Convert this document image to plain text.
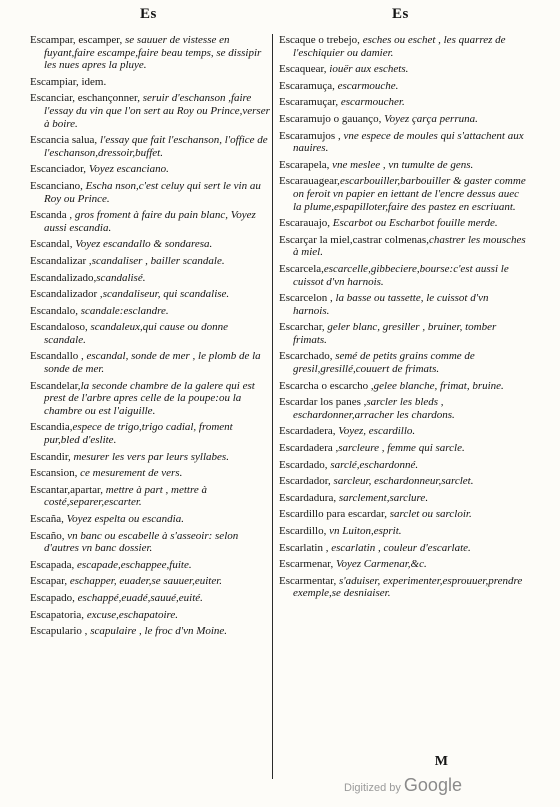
Es	Es
Escampar, escamper, se sauuer de vistesse en fuyant,faire escampe,faire beau temps, se dissipir les nues apres la pluye.
Escampiar, idem.
Escanciar, eschançonner, seruir d'eschanson ,faire l'essay du vin que l'on sert au Roy ou Prince,verser à boire.
Escancia salua, l'essay que fait l'eschanson, l'office de l'eschanson,dressoir,buffet.
Escanciador, Voyez escanciano.
Escanciano, Escha nson,c'est celuy qui sert le vin au Roy ou Prince.
Escanda , gros froment à faire du pain blanc, Voyez aussi escandia.
Escandal, Voyez escandallo & sondaresa.
Escandalizar ,scandaliser , bailler scandale.
Escandalizado,scandalisé.
Escandalizador ,scandaliseur, qui scandalise.
Escandalo, scandale:esclandre.
Escandaloso, scandaleux,qui cause ou donne scandale.
Escandallo , escandal, sonde de mer , le plomb de la sonde de mer.
Escandelar,la seconde chambre de la galere qui est prest de l'arbre apres celle de la poupe:ou la chambre ou est l'aiguille.
Escandia,espece de trigo,trigo cadial, froment pur,bled d'eslite.
Escandir, mesurer les vers par leurs syllabes.
Escansion, ce mesurement de vers.
Escantar,apartar, mettre à part , mettre à costé,separer,escarter.
Escaña, Voyez espelta ou escandia.
Escaño, vn banc ou escabelle à s'asseoir: selon d'autres vn banc dossier.
Escapada, escapade,eschappee,fuite.
Escapar, eschapper, euader,se sauuer,euiter.
Escapado, eschappé,euadé,sauué,euité.
Escapatoria, excuse,eschapatoire.
Escapulario , scapulaire , le froc d'vn Moine.
Escaque o trebejo, esches ou eschet , les quarrez de l'eschiquier ou damier.
Escaquear, iouër aux eschets.
Escaramuça, escarmouche.
Escaramuçar, escarmoucher.
Escaramujo o gauanço, Voyez çarça perruna.
Escaramujos , vne espece de moules qui s'attachent aux nauires.
Escarapela, vne meslee , vn tumulte de gens.
Escarauagear,escarbouiller,barbouiller & gaster comme on feroit vn papier en iettant de l'encre dessus auec la plume,espapilloter,faire des pastez en escriuant.
Escarauajo, Escarbot ou Escharbot fouille merde.
Escarçar la miel,castrar colmenas,chastrer les mousches à miel.
Escarcela,escarcelle,gibbeciere,bourse:c'est aussi le cuissot d'vn harnois.
Escarcelon , la basse ou tassette, le cuissot d'vn harnois.
Escarchar, geler blanc, gresiller , bruiner, tomber frimats.
Escarchado, semé de petits grains comme de gresil,gresillé,couuert de frimats.
Escarcha o escarcho ,gelee blanche, frimat, bruine.
Escardar los panes ,sarcler les bleds , eschardonner,arracher les chardons.
Escardadera, Voyez, escardillo.
Escardadera ,sarcleure , femme qui sarcle.
Escardado, sarclé,eschardonné.
Escardador, sarcleur, eschardonneur,sarclet.
Escardadura, sarclement,sarclure.
Escardillo para escardar, sarclet ou sarcloir.
Escardillo, vn Luiton,esprit.
Escarlatin , escarlatin , couleur d'escarlate.
Escarmenar, Voyez Carmenar,&c.
Escarmentar, s'aduiser, experimenter,esprouuer,prendre exemple,se desniaiser.
M
Digitized by Google
